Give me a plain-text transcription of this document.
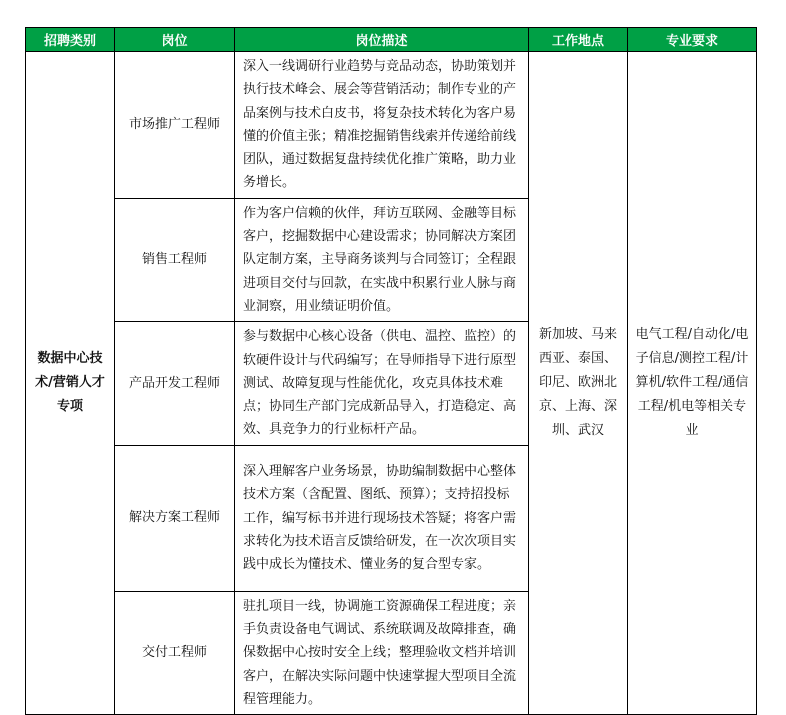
招聘类别	岗位	岗位描述	工作地点	专业要求
数据中心技术/营销人才专项	市场推广工程师	深入一线调研行业趋势与竞品动态，协助策划并执行技术峰会、展会等营销活动；制作专业的产品案例与技术白皮书，将复杂技术转化为客户易懂的价值主张；精准挖掘销售线索并传递给前线团队，通过数据复盘持续优化推广策略，助力业务增长。	新加坡、马来西亚、泰国、印尼、欧洲北京、上海、深圳、武汉	电气工程/自动化/电子信息/测控工程/计算机/软件工程/通信工程/机电等相关专业
	销售工程师	作为客户信赖的伙伴，拜访互联网、金融等目标客户，挖掘数据中心建设需求；协同解决方案团队定制方案，主导商务谈判与合同签订；全程跟进项目交付与回款，在实战中积累行业人脉与商业洞察，用业绩证明价值。		
	产品开发工程师	参与数据中心核心设备（供电、温控、监控）的软硬件设计与代码编写；在导师指导下进行原型测试、故障复现与性能优化，攻克具体技术难点；协同生产部门完成新品导入，打造稳定、高效、具竞争力的行业标杆产品。		
	解决方案工程师	深入理解客户业务场景，协助编制数据中心整体技术方案（含配置、图纸、预算）；支持招投标工作，编写标书并进行现场技术答疑；将客户需求转化为技术语言反馈给研发，在一次次项目实践中成长为懂技术、懂业务的复合型专家。		
	交付工程师	驻扎项目一线，协调施工资源确保工程进度；亲手负责设备电气调试、系统联调及故障排查，确保数据中心按时安全上线；整理验收文档并培训客户，在解决实际问题中快速掌握大型项目全流程管理能力。		
